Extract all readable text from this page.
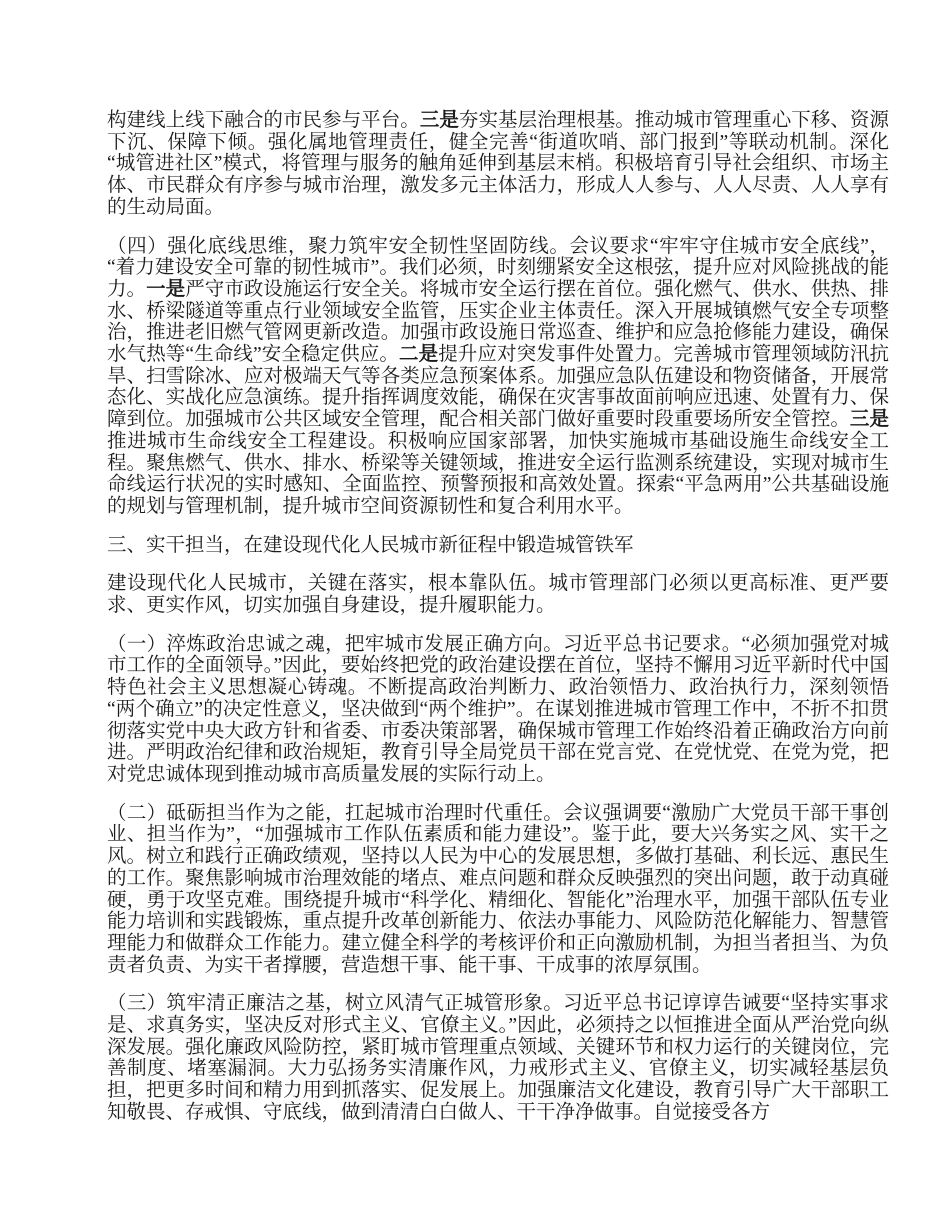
构建线上线下融合的市民参与平台。三是夯实基层治理根基。推动城市管理重心下移、资源下沉、保障下倾。强化属地管理责任，健全完善“街道吹哨、部门报到”等联动机制。深化“城管进社区”模式，将管理与服务的触角延伸到基层末梢。积极培育引导社会组织、市场主体、市民群众有序参与城市治理，激发多元主体活力，形成人人参与、人人尽责、人人享有的生动局面。

（四）强化底线思维，聚力筑牢安全韧性坚固防线。会议要求“牢牢守住城市安全底线”，“着力建设安全可靠的韧性城市”。我们必须，时刻绷紧安全这根弦，提升应对风险挑战的能力。一是严守市政设施运行安全关。将城市安全运行摆在首位。强化燃气、供水、供热、排水、桥梁隧道等重点行业领域安全监管，压实企业主体责任。深入开展城镇燃气安全专项整治，推进老旧燃气管网更新改造。加强市政设施日常巡查、维护和应急抢修能力建设，确保水气热等“生命线”安全稳定供应。二是提升应对突发事件处置力。完善城市管理领域防汛抗旱、扫雪除冰、应对极端天气等各类应急预案体系。加强应急队伍建设和物资储备，开展常态化、实战化应急演练。提升指挥调度效能，确保在灾害事故面前响应迅速、处置有力、保障到位。加强城市公共区域安全管理，配合相关部门做好重要时段重要场所安全管控。三是推进城市生命线安全工程建设。积极响应国家部署，加快实施城市基础设施生命线安全工程。聚焦燃气、供水、排水、桥梁等关键领域，推进安全运行监测系统建设，实现对城市生命线运行状况的实时感知、全面监控、预警预报和高效处置。探索“平急两用”公共基础设施的规划与管理机制，提升城市空间资源韧性和复合利用水平。

三、实干担当，在建设现代化人民城市新征程中锻造城管铁军

建设现代化人民城市，关键在落实，根本靠队伍。城市管理部门必须以更高标准、更严要求、更实作风，切实加强自身建设，提升履职能力。

（一）淬炼政治忠诚之魂，把牢城市发展正确方向。习近平总书记要求。“必须加强党对城市工作的全面领导。”因此，要始终把党的政治建设摆在首位，坚持不懈用习近平新时代中国特色社会主义思想凝心铸魂。不断提高政治判断力、政治领悟力、政治执行力，深刻领悟“两个确立”的决定性意义，坚决做到“两个维护”。在谋划推进城市管理工作中，不折不扣贯彻落实党中央大政方针和省委、市委决策部署，确保城市管理工作始终沿着正确政治方向前进。严明政治纪律和政治规矩，教育引导全局党员干部在党言党、在党忧党、在党为党，把对党忠诚体现到推动城市高质量发展的实际行动上。

（二）砥砺担当作为之能，扛起城市治理时代重任。会议强调要“激励广大党员干部干事创业、担当作为”，“加强城市工作队伍素质和能力建设”。鉴于此，要大兴务实之风、实干之风。树立和践行正确政绩观，坚持以人民为中心的发展思想，多做打基础、利长远、惠民生的工作。聚焦影响城市治理效能的堵点、难点问题和群众反映强烈的突出问题，敢于动真碰硬，勇于攻坚克难。围绕提升城市“科学化、精细化、智能化”治理水平，加强干部队伍专业能力培训和实践锻炼，重点提升改革创新能力、依法办事能力、风险防范化解能力、智慧管理能力和做群众工作能力。建立健全科学的考核评价和正向激励机制，为担当者担当、为负责者负责、为实干者撑腰，营造想干事、能干事、干成事的浓厚氛围。

（三）筑牢清正廉洁之基，树立风清气正城管形象。习近平总书记谆谆告诫要“坚持实事求是、求真务实，坚决反对形式主义、官僚主义。”因此，必须持之以恒推进全面从严治党向纵深发展。强化廉政风险防控，紧盯城市管理重点领域、关键环节和权力运行的关键岗位，完善制度、堵塞漏洞。大力弘扬务实清廉作风，力戒形式主义、官僚主义，切实减轻基层负担，把更多时间和精力用到抓落实、促发展上。加强廉洁文化建设，教育引导广大干部职工知敬畏、存戒惧、守底线，做到清清白白做人、干干净净做事。自觉接受各方
